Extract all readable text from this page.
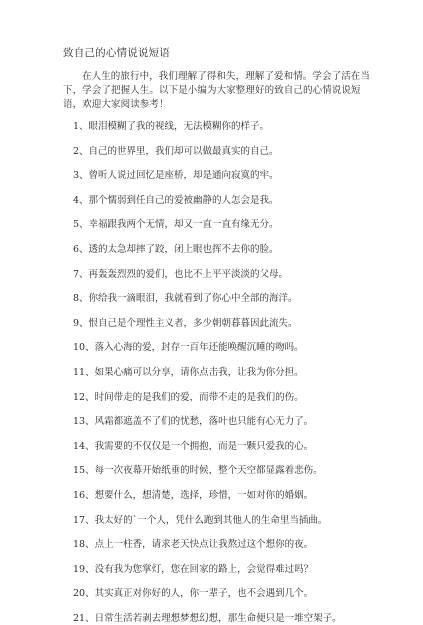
致自己的心情说说短语
在人生的旅行中，我们理解了得和失，理解了爱和情。学会了活在当下，学会了把握人生。以下是小编为大家整理好的致自己的心情说说短语，欢迎大家阅读参考！
1、眼泪模糊了我的视线，无法模糊你的样子。
2、自己的世界里，我们却可以做最真实的自己。
3、曾听人说过回忆是座桥，却是通向寂寞的牢。
4、那个懦弱到任自己的爱被幽静的人怎会是我。
5、幸福跟我两个无情，却又一直一直有缘无分。
6、透的太急却摔了跤，闭上眼也挥不去你的脸。
7、再轰轰烈烈的爱们，也比不上平平淡淡的父母。
8、你给我一滴眼泪，我就看到了你心中全部的海洋。
9、恨自己是个理性主义者，多少朝朝暮暮因此流失。
10、落入心海的爱，封存一百年还能唤醒沉睡的吻吗。
11、如果心痛可以分享，请你点击我，让我为你分担。
12、时间带走的是我们的爱，而带不走的是我们的伤。
13、风霜都遮盖不了们的忧愁，落叶也只能有心无力了。
14、我需要的不仅仅是一个拥抱，而是一颗只爱我的心。
15、每一次夜幕开始纸垂的时候，整个天空都显露着悲伤。
16、想要什么，想清楚，选择，珍惜，一如对你的婚姻。
17、我太好的`一个人，凭什么跑到其他人的生命里当插曲。
18、点上一柱香，请求老天快点让我熬过这个想你的夜。
19、没有我为您掌灯，您在回家的路上，会觉得难过吗？
20、其实真正对你好的人，你一辈子，也不会遇到几个。
21、日常生活若剥去理想梦想幻想，那生命便只是一堆空架子。
